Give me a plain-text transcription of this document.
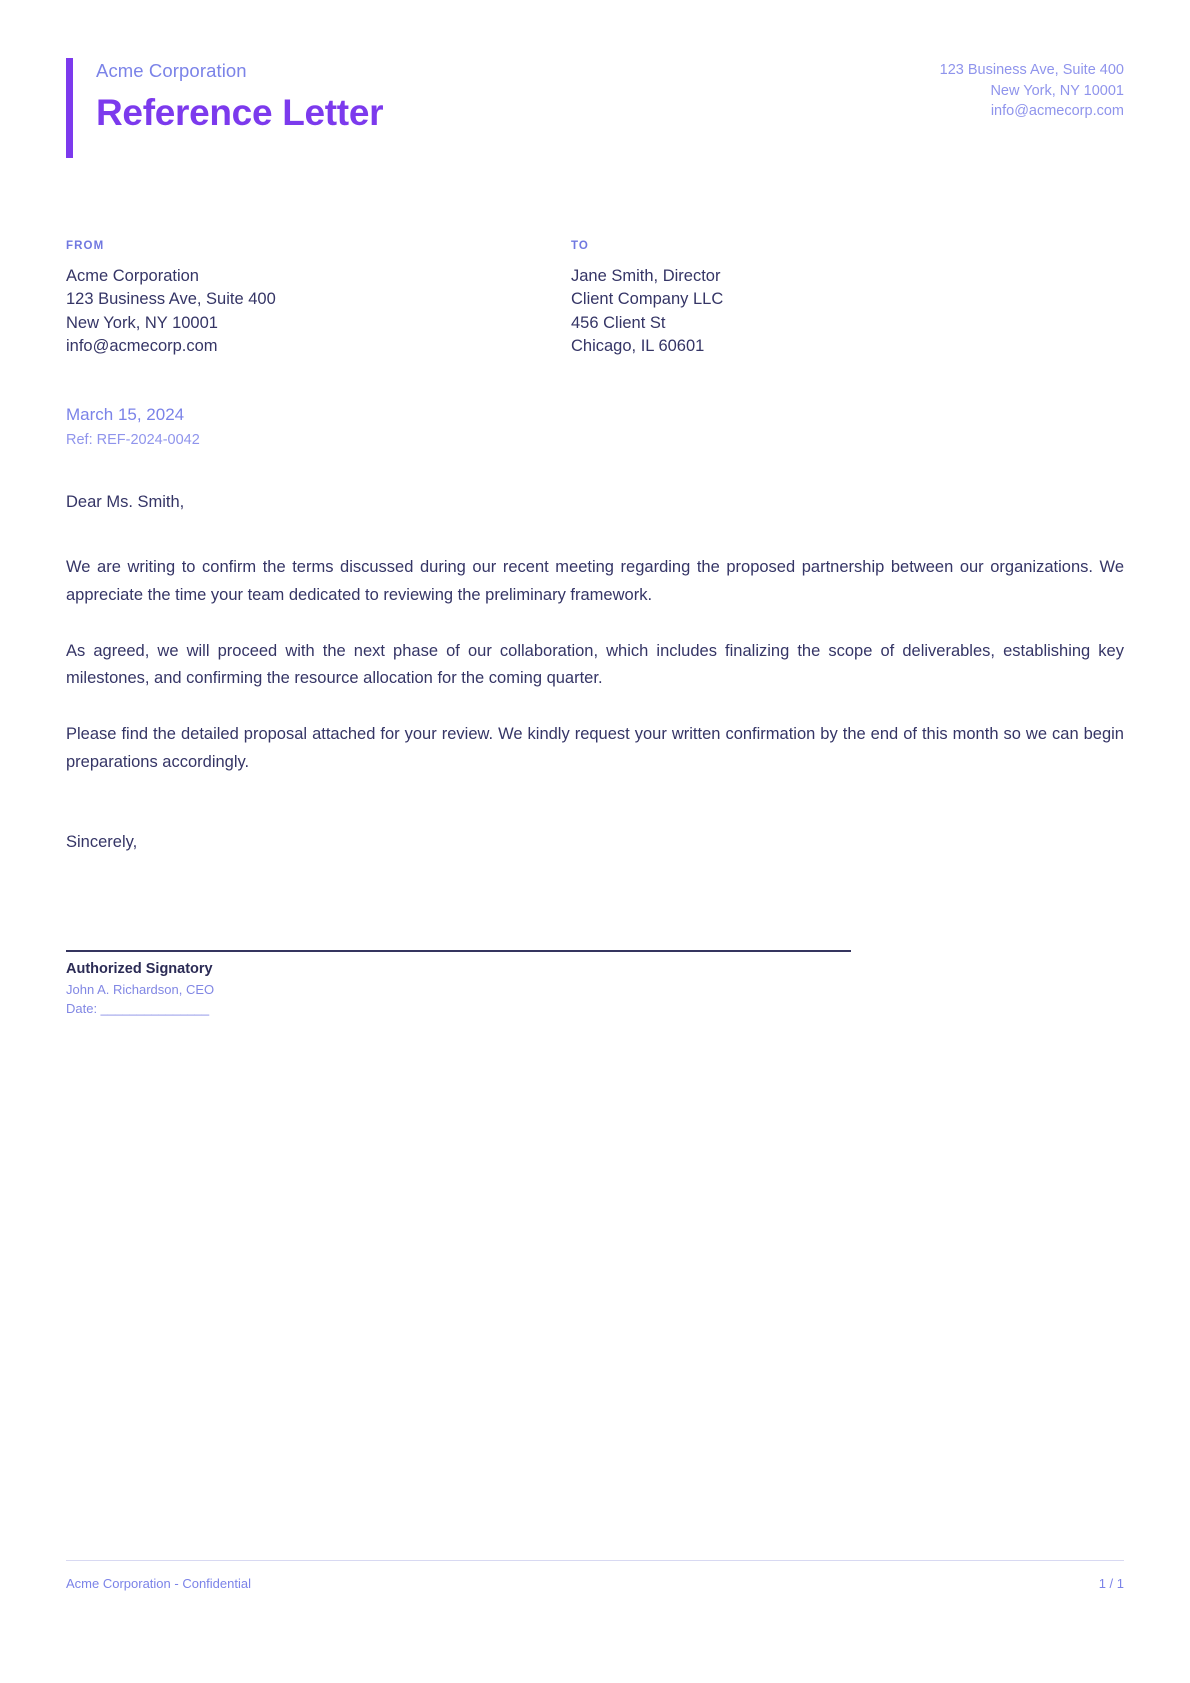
Acme Corporation
Reference Letter
123 Business Ave, Suite 400
New York, NY 10001
info@acmecorp.com
FROM
Acme Corporation
123 Business Ave, Suite 400
New York, NY 10001
info@acmecorp.com
TO
Jane Smith, Director
Client Company LLC
456 Client St
Chicago, IL 60601
March 15, 2024
Ref: REF-2024-0042
Dear Ms. Smith,

We are writing to confirm the terms discussed during our recent meeting regarding the proposed partnership between our organizations. We appreciate the time your team dedicated to reviewing the preliminary framework.

As agreed, we will proceed with the next phase of our collaboration, which includes finalizing the scope of deliverables, establishing key milestones, and confirming the resource allocation for the coming quarter.

Please find the detailed proposal attached for your review. We kindly request your written confirmation by the end of this month so we can begin preparations accordingly.

Sincerely,
Authorized Signatory
John A. Richardson, CEO
Date: _______________
Acme Corporation - Confidential	1 / 1
